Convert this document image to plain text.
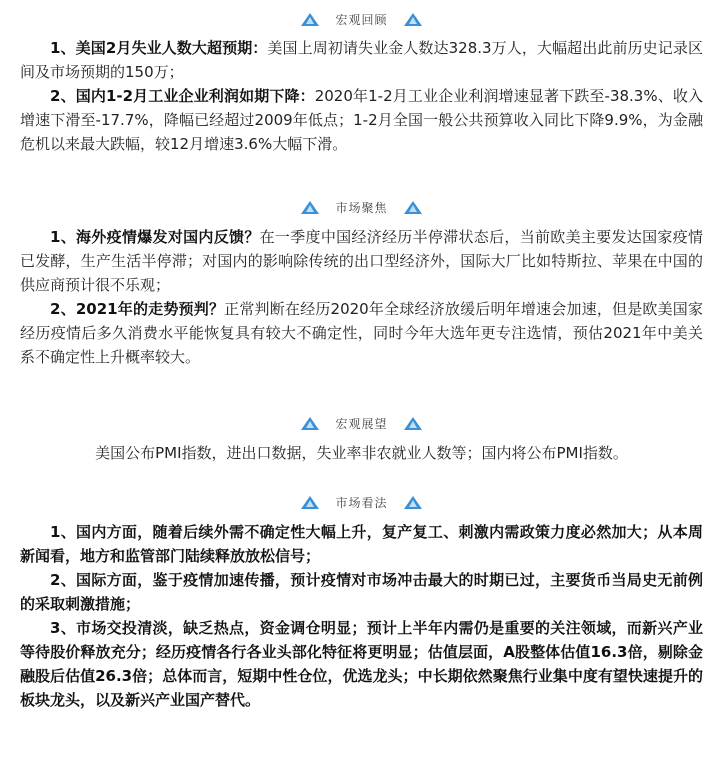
宏观回顾

1、美国2月失业人数大超预期：美国上周初请失业金人数达328.3万人，大幅超出此前历史记录区间及市场预期的150万；

2、国内1-2月工业企业利润如期下降：2020年1-2月工业企业利润增速显著下跌至-38.3%、收入增速下滑至-17.7%，降幅已经超过2009年低点；1-2月全国一般公共预算收入同比下降9.9%，为金融危机以来最大跌幅，较12月增速3.6%大幅下滑。

市场聚焦

1、海外疫情爆发对国内反馈？在一季度中国经济经历半停滞状态后，当前欧美主要发达国家疫情已发酵，生产生活半停滞；对国内的影响除传统的出口型经济外，国际大厂比如特斯拉、苹果在中国的供应商预计很不乐观；

2、2021年的走势预判？正常判断在经历2020年全球经济放缓后明年增速会加速，但是欧美国家经历疫情后多久消费水平能恢复具有较大不确定性，同时今年大选年更专注选情，预估2021年中美关系不确定性上升概率较大。

宏观展望

美国公布PMI指数，进出口数据，失业率非农就业人数等；国内将公布PMI指数。

市场看法

1、国内方面，随着后续外需不确定性大幅上升，复产复工、刺激内需政策力度必然加大；从本周新闻看，地方和监管部门陆续释放放松信号；

2、国际方面，鉴于疫情加速传播，预计疫情对市场冲击最大的时期已过，主要货币当局史无前例的采取刺激措施；

3、市场交投清淡，缺乏热点，资金调仓明显；预计上半年内需仍是重要的关注领域，而新兴产业等待股价释放充分；经历疫情各行各业头部化特征将更明显；估值层面，A股整体估值16.3倍，剔除金融股后估值26.3倍；总体而言，短期中性仓位，优选龙头；中长期依然聚焦行业集中度有望快速提升的板块龙头，以及新兴产业国产替代。
